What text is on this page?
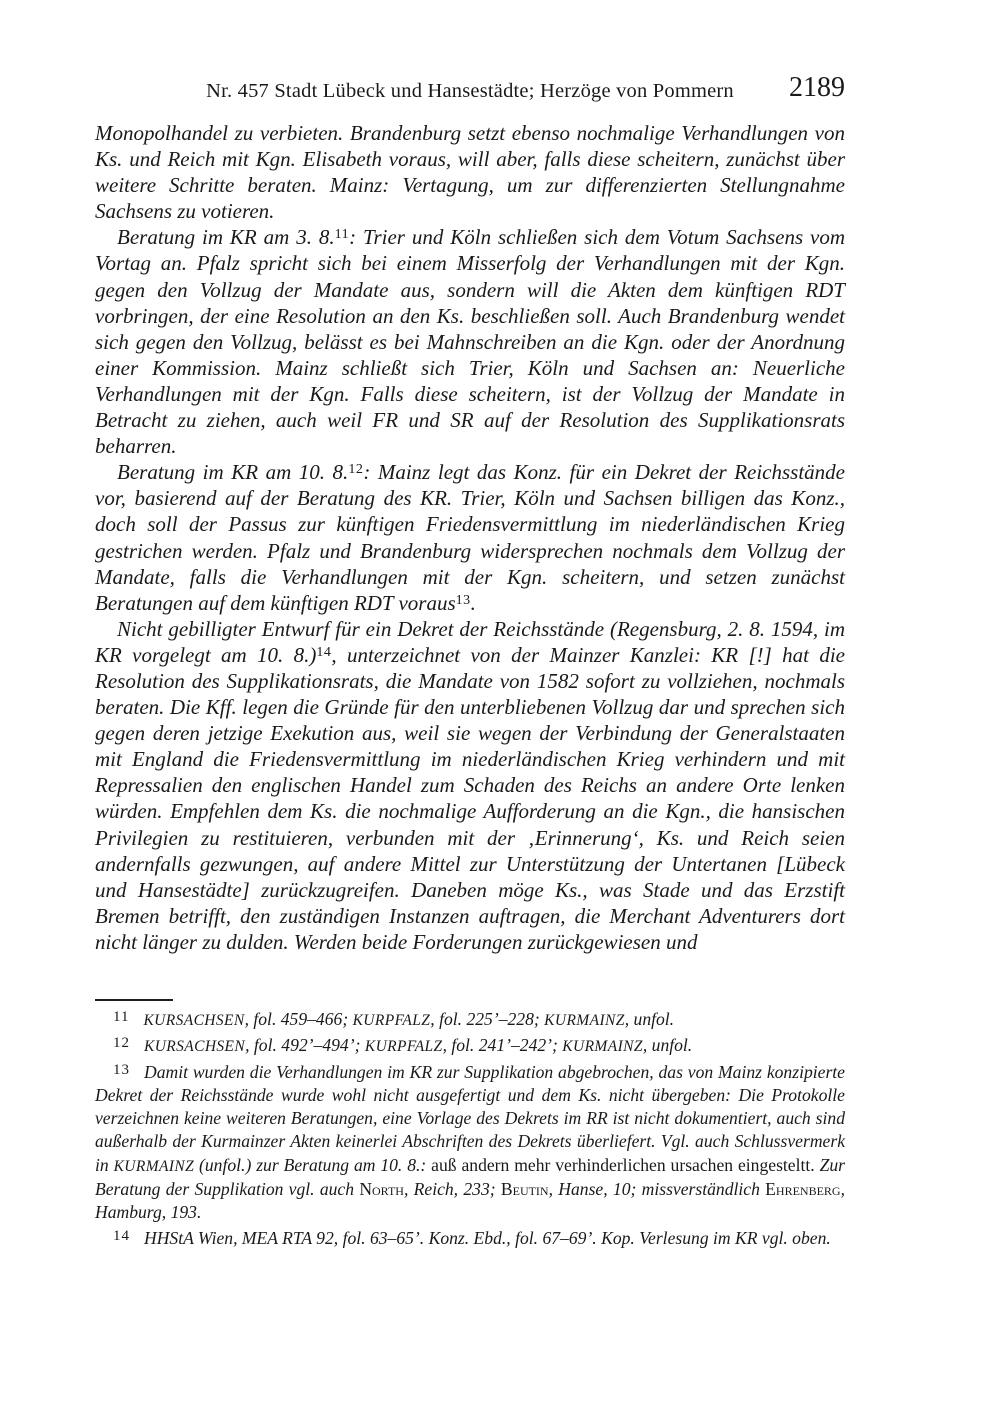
Nr. 457 Stadt Lübeck und Hansestädte; Herzöge von Pommern	2189

Monopolhandel zu verbieten. Brandenburg setzt ebenso nochmalige Verhandlungen von Ks. und Reich mit Kgn. Elisabeth voraus, will aber, falls diese scheitern, zunächst über weitere Schritte beraten. Mainz: Vertagung, um zur differenzierten Stellungnahme Sachsens zu votieren.

Beratung im KR am 3. 8.11: Trier und Köln schließen sich dem Votum Sachsens vom Vortag an. Pfalz spricht sich bei einem Misserfolg der Verhandlungen mit der Kgn. gegen den Vollzug der Mandate aus, sondern will die Akten dem künftigen RDT vorbringen, der eine Resolution an den Ks. beschließen soll. Auch Brandenburg wendet sich gegen den Vollzug, belässt es bei Mahnschreiben an die Kgn. oder der Anordnung einer Kommission. Mainz schließt sich Trier, Köln und Sachsen an: Neuerliche Verhandlungen mit der Kgn. Falls diese scheitern, ist der Vollzug der Mandate in Betracht zu ziehen, auch weil FR und SR auf der Resolution des Supplikationsrats beharren.

Beratung im KR am 10. 8.12: Mainz legt das Konz. für ein Dekret der Reichsstände vor, basierend auf der Beratung des KR. Trier, Köln und Sachsen billigen das Konz., doch soll der Passus zur künftigen Friedensvermittlung im niederländischen Krieg gestrichen werden. Pfalz und Brandenburg widersprechen nochmals dem Vollzug der Mandate, falls die Verhandlungen mit der Kgn. scheitern, und setzen zunächst Beratungen auf dem künftigen RDT voraus$^{13}$.

Nicht gebilligter Entwurf für ein Dekret der Reichsstände (Regensburg, 2. 8. 1594, im KR vorgelegt am 10. 8.)$^{14}$, unterzeichnet von der Mainzer Kanzlei: KR [!] hat die Resolution des Supplikationsrats, die Mandate von 1582 sofort zu vollziehen, nochmals beraten. Die Kff. legen die Gründe für den unterbliebenen Vollzug dar und sprechen sich gegen deren jetzige Exekution aus, weil sie wegen der Verbindung der Generalstaaten mit England die Friedensvermittlung im niederländischen Krieg verhindern und mit Repressalien den englischen Handel zum Schaden des Reichs an andere Orte lenken würden. Empfehlen dem Ks. die nochmalige Aufforderung an die Kgn., die hansischen Privilegien zu restituieren, verbunden mit der ‚Erinnerung‘, Ks. und Reich seien andernfalls gezwungen, auf andere Mittel zur Unterstützung der Untertanen [Lübeck und Hansestädte] zurückzugreifen. Daneben möge Ks., was Stade und das Erzstift Bremen betrifft, den zuständigen Instanzen auftragen, die Merchant Adventurers dort nicht länger zu dulden. Werden beide Forderungen zurückgewiesen und

11 KURSACHSEN, fol. 459–466; KURPFALZ, fol. 225’–228; KURMAINZ, unfol.

12 KURSACHSEN, fol. 492’–494’; KURPFALZ, fol. 241’–242’; KURMAINZ, unfol.

13 Damit wurden die Verhandlungen im KR zur Supplikation abgebrochen, das von Mainz konzipierte Dekret der Reichsstände wurde wohl nicht ausgefertigt und dem Ks. nicht übergeben: Die Protokolle verzeichnen keine weiteren Beratungen, eine Vorlage des Dekrets im RR ist nicht dokumentiert, auch sind außerhalb der Kurmainzer Akten keinerlei Abschriften des Dekrets überliefert. Vgl. auch Schlussvermerk in KURMAINZ (unfol.) zur Beratung am 10. 8.: auß andern mehr verhinderlichen ursachen eingesteltt. Zur Beratung der Supplikation vgl. auch North, Reich, 233; Beutin, Hanse, 10; missverständlich Ehrenberg, Hamburg, 193.

14 HHStA Wien, MEA RTA 92, fol. 63–65’. Konz. Ebd., fol. 67–69’. Kop. Verlesung im KR vgl. oben.
